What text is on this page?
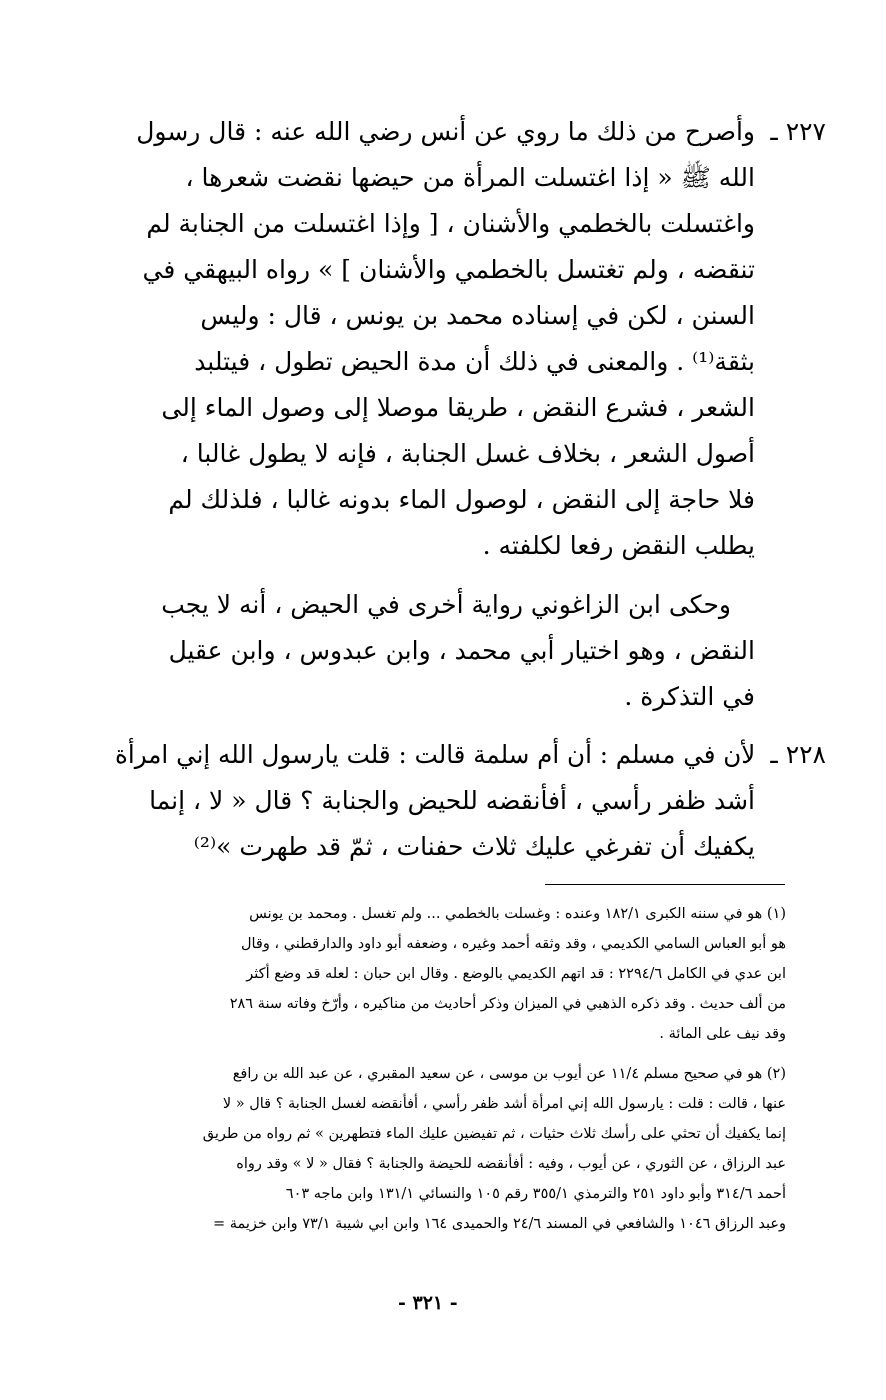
٢٢٧ ـ
وأصرح من ذلك ما روي عن أنس رضي الله عنه : قال رسول
الله ﷺ « إذا اغتسلت المرأة من حيضها نقضت شعرها ،
واغتسلت بالخطمي والأشنان ، [ وإذا اغتسلت من الجنابة لم
تنقضه ، ولم تغتسل بالخطمي والأشنان ] » رواه البيهقي في
السنن ، لكن في إسناده محمد بن يونس ، قال : وليس
بثقة⁽¹⁾ . والمعنى في ذلك أن مدة الحيض تطول ، فيتلبد
الشعر ، فشرع النقض ، طريقا موصلا إلى وصول الماء إلى
أصول الشعر ، بخلاف غسل الجنابة ، فإنه لا يطول غالبا ،
فلا حاجة إلى النقض ، لوصول الماء بدونه غالبا ، فلذلك لم
يطلب النقض رفعا لكلفته .
وحكى ابن الزاغوني رواية أخرى في الحيض ، أنه لا يجب
النقض ، وهو اختيار أبي محمد ، وابن عبدوس ، وابن عقيل
في التذكرة .
٢٢٨ ـ
لأن في مسلم : أن أم سلمة قالت : قلت يارسول الله إني امرأة
أشد ظفر رأسي ، أفأنقضه للحيض والجنابة ؟ قال « لا ، إنما
يكفيك أن تفرغي عليك ثلاث حفنات ، ثمّ قد طهرت »⁽²⁾
(١) هو في سننه الكبرى ١٨٢/١ وعنده : وغسلت بالخطمي ... ولم تغسل . ومحمد بن يونس
هو أبو العباس السامي الكديمي ، وقد وثقه أحمد وغيره ، وضعفه أبو داود والدارقطني ، وقال
ابن عدي في الكامل ٢٢٩٤/٦ : قد اتهم الكديمي بالوضع . وقال ابن حبان : لعله قد وضع أكثر
من ألف حديث . وقد ذكره الذهبي في الميزان وذكر أحاديث من مناكيره ، وأرّخ وفاته سنة ٢٨٦
وقد نيف على المائة .
(٢) هو في صحيح مسلم ١١/٤ عن أيوب بن موسى ، عن سعيد المقبري ، عن عبد الله بن رافع
عنها ، قالت : قلت : يارسول الله إني امرأة أشد ظفر رأسي ، أفأنقضه لغسل الجنابة ؟ قال « لا
إنما يكفيك أن تحثي على رأسك ثلاث حثيات ، ثم تفيضين عليك الماء فتطهرين » ثم رواه من طريق
عبد الرزاق ، عن الثوري ، عن أيوب ، وفيه : أفأنقضه للحيضة والجنابة ؟ فقال « لا » وقد رواه
أحمد ٣١٤/٦ وأبو داود ٢٥١ والترمذي ٣٥٥/١ رقم ١٠٥ والنسائي ١٣١/١ وابن ماجه ٦٠٣
وعبد الرزاق ١٠٤٦ والشافعي في المسند ٢٤/٦ والحميدى ١٦٤ وابن ابي شيبة ٧٣/١ وابن خزيمة =
- ٣٢١ -
